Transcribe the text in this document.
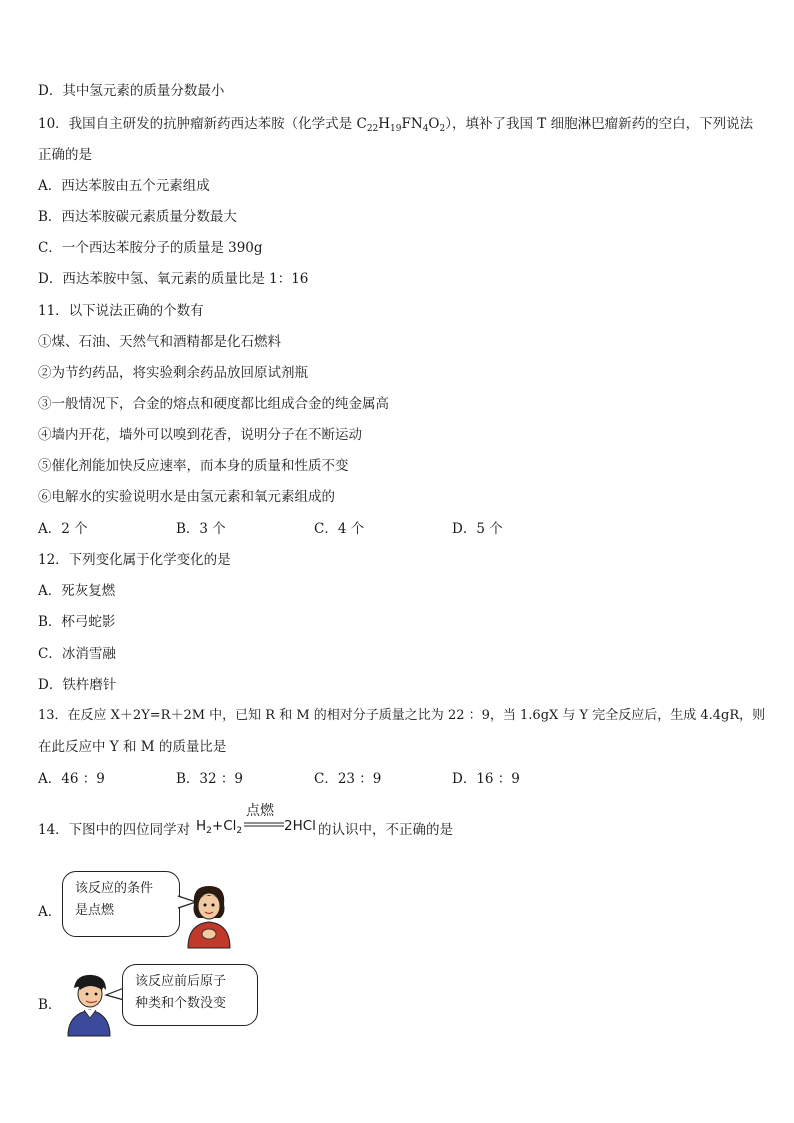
D．其中氢元素的质量分数最小
10．我国自主研发的抗肿瘤新药西达苯胺（化学式是 $C_{22}H_{19}FN_4O_2$），填补了我国 T 细胞淋巴瘤新药的空白，下列说法
正确的是
A．西达苯胺由五个元素组成
B．西达苯胺碳元素质量分数最大
C．一个西达苯胺分子的质量是 390g
D．西达苯胺中氢、氧元素的质量比是 1：16
11．以下说法正确的个数有
①煤、石油、天然气和酒精都是化石燃料
②为节约药品，将实验剩余药品放回原试剂瓶
③一般情况下，合金的熔点和硬度都比组成合金的纯金属高
④墙内开花，墙外可以嗅到花香，说明分子在不断运动
⑤催化剂能加快反应速率，而本身的质量和性质不变
⑥电解水的实验说明水是由氢元素和氧元素组成的
A．2 个	B．3 个	C．4 个	D．5 个
12．下列变化属于化学变化的是
A．死灰复燃
B．杯弓蛇影
C．冰消雪融
D．铁杵磨针
13．在反应 X＋2Y=R＋2M 中，已知 R 和 M 的相对分子质量之比为 22 ：9，当 1.6gX 与 Y 完全反应后，生成 4.4gR，则
在此反应中 Y 和 M 的质量比是
A．46 ：9	B．32 ：9	C．23 ：9	D．16 ：9
14．下图中的四位同学对 $H_2+Cl_2$
点燃
2HCl 的认识中，不正确的是
A．
该反应的条件
是点燃
B．
该反应前后原子
种类和个数没变
